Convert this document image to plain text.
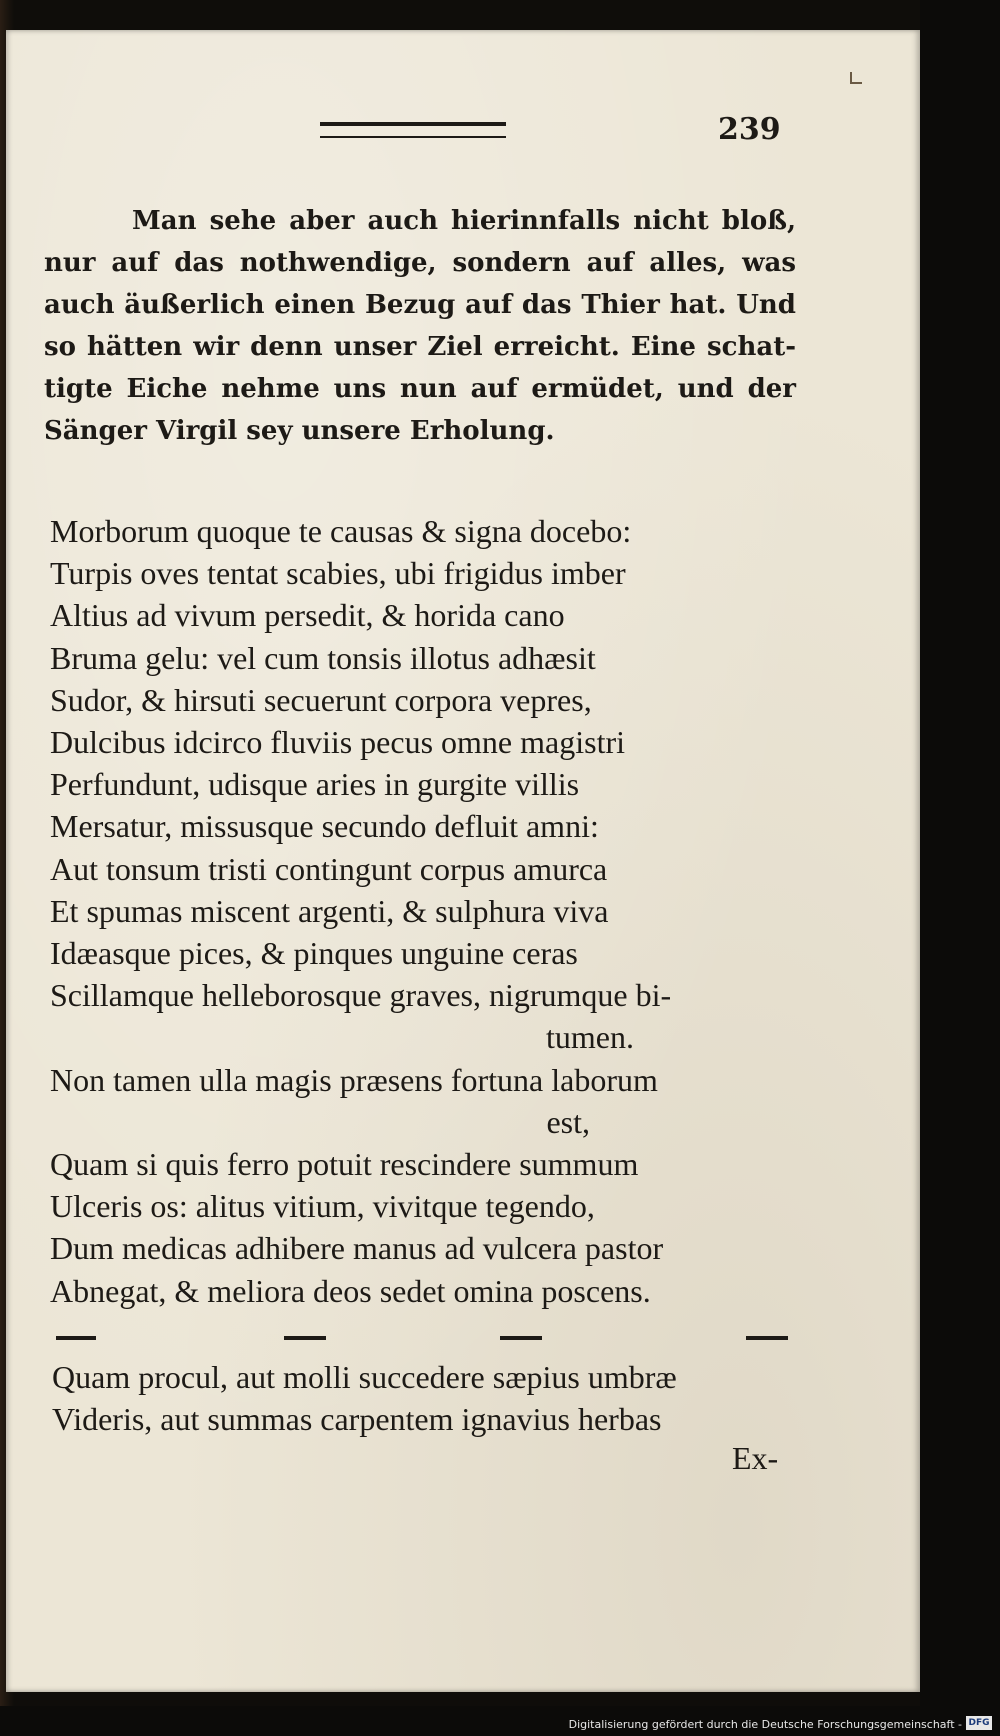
239
Man sehe aber auch hierinnfalls nicht bloß,
nur auf das nothwendige, sondern auf alles, was
auch äußerlich einen Bezug auf das Thier hat. Und
so hätten wir denn unser Ziel erreicht. Eine schat-
tigte Eiche nehme uns nun auf ermüdet, und der
Sänger Virgil sey unsere Erholung.
Morborum quoque te causas & signa docebo:
Turpis oves tentat scabies, ubi frigidus imber
Altius ad vivum persedit, & horida cano
Bruma gelu: vel cum tonsis illotus adhæsit
Sudor, & hirsuti secuerunt corpora vepres,
Dulcibus idcirco fluviis pecus omne magistri
Perfundunt, udisque aries in gurgite villis
Mersatur, missusque secundo defluit amni:
Aut tonsum tristi contingunt corpus amurca
Et spumas miscent argenti, & sulphura viva
Idæasque pices, & pinques unguine ceras
Scillamque helleborosque graves, nigrumque bi-
tumen.
Non tamen ulla magis præsens fortuna laborum
est,
Quam si quis ferro potuit rescindere summum
Ulceris os: alitus vitium, vivitque tegendo,
Dum medicas adhibere manus ad vulcera pastor
Abnegat, & meliora deos sedet omina poscens.
Quam procul, aut molli succedere sæpius umbræ
Videris, aut summas carpentem ignavius herbas
Ex-
Digitalisierung gefördert durch die Deutsche Forschungsgemeinschaft - DFG
